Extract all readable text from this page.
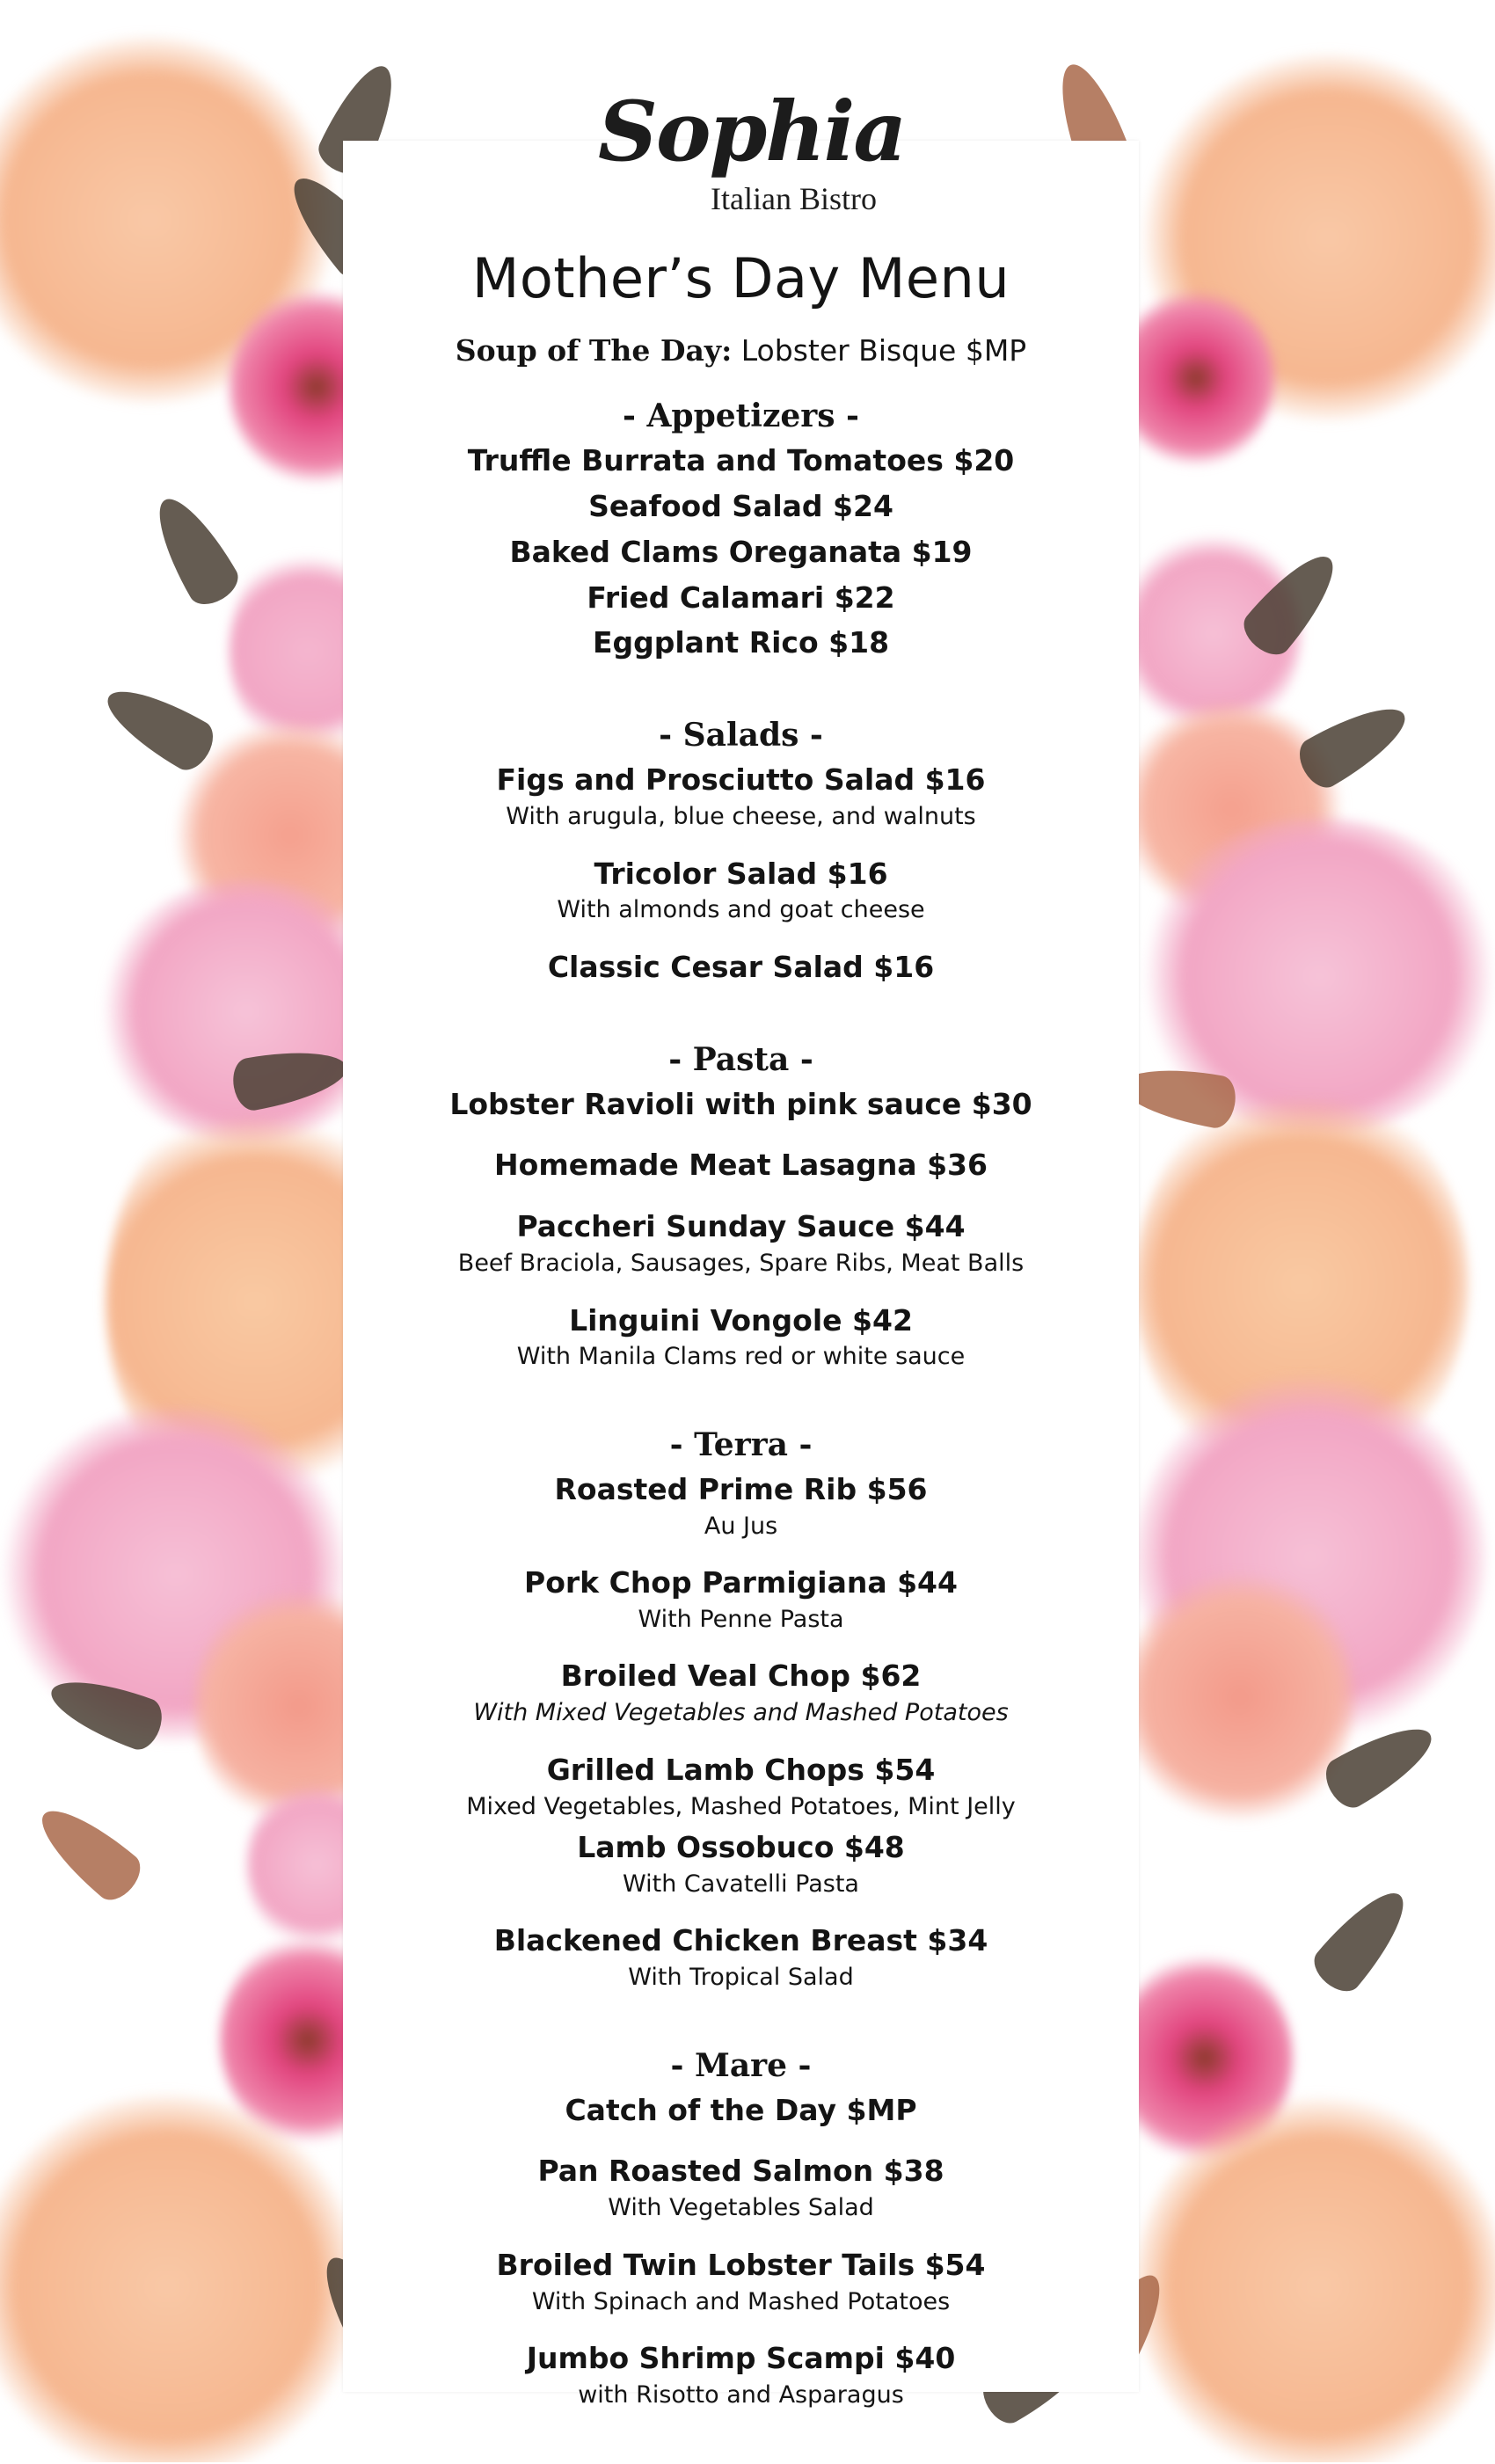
Sophia
Italian Bistro
Mother’s Day Menu
Soup of The Day: Lobster Bisque $MP
- Appetizers -
Truffle Burrata and Tomatoes $20
Seafood Salad $24
Baked Clams Oreganata $19
Fried Calamari $22
Eggplant Rico $18
- Salads -
Figs and Prosciutto Salad $16
With arugula, blue cheese, and walnuts
Tricolor Salad $16
With almonds and goat cheese
Classic Cesar Salad $16
- Pasta -
Lobster Ravioli with pink sauce $30
Homemade Meat Lasagna $36
Paccheri Sunday Sauce $44
Beef Braciola, Sausages, Spare Ribs, Meat Balls
Linguini Vongole $42
With Manila Clams red or white sauce
- Terra -
Roasted Prime Rib $56
Au Jus
Pork Chop Parmigiana $44
With Penne Pasta
Broiled Veal Chop $62
With Mixed Vegetables and Mashed Potatoes
Grilled Lamb Chops $54
Mixed Vegetables, Mashed Potatoes, Mint Jelly
Lamb Ossobuco $48
With Cavatelli Pasta
Blackened Chicken Breast $34
With Tropical Salad
- Mare -
Catch of the Day $MP
Pan Roasted Salmon $38
With Vegetables Salad
Broiled Twin Lobster Tails $54
With Spinach and Mashed Potatoes
Jumbo Shrimp Scampi $40
with Risotto and Asparagus
